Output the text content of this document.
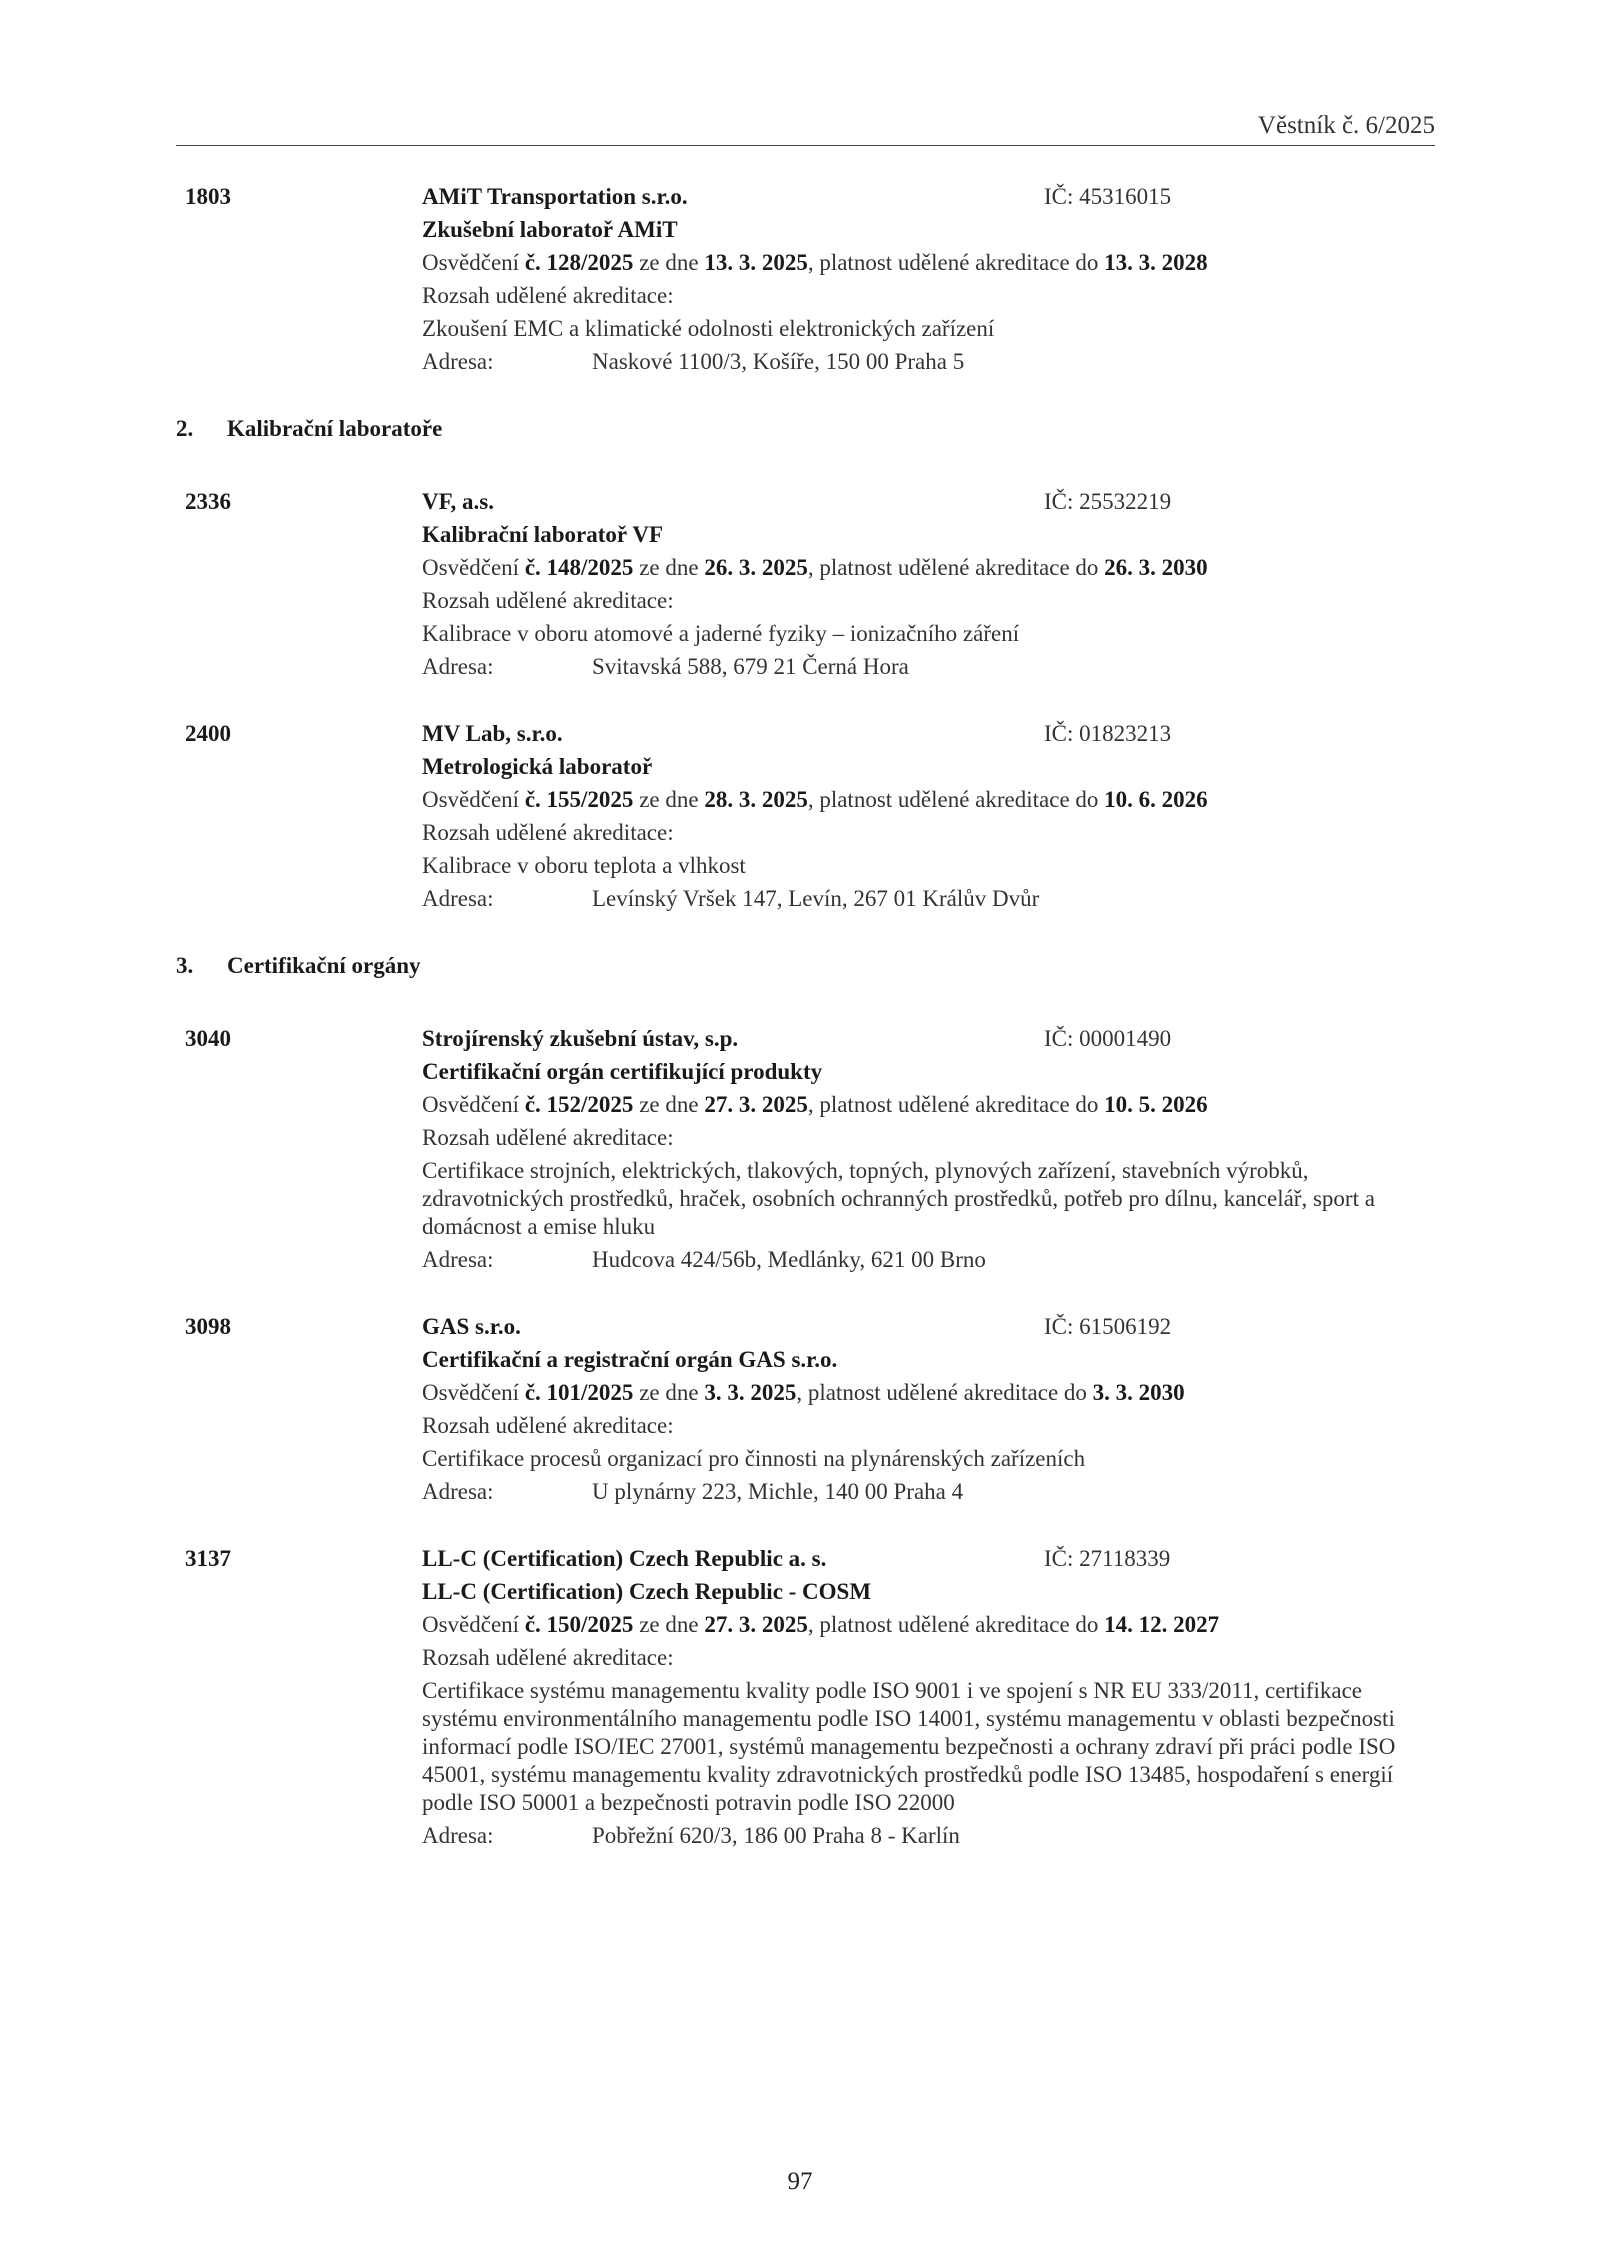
Věstník č. 6/2025
1803	AMiT Transportation s.r.o.	IČ: 45316015
Zkušební laboratoř AMiT
Osvědčení č. 128/2025 ze dne 13. 3. 2025, platnost udělené akreditace do 13. 3. 2028
Rozsah udělené akreditace:
Zkoušení EMC a klimatické odolnosti elektronických zařízení
Adresa:	Naskové 1100/3, Košíře, 150 00 Praha 5
2. Kalibrační laboratoře
2336	VF, a.s.	IČ: 25532219
Kalibrační laboratoř VF
Osvědčení č. 148/2025 ze dne 26. 3. 2025, platnost udělené akreditace do 26. 3. 2030
Rozsah udělené akreditace:
Kalibrace v oboru atomové a jaderné fyziky – ionizačního záření
Adresa:	Svitavská 588, 679 21 Černá Hora
2400	MV Lab, s.r.o.	IČ: 01823213
Metrologická laboratoř
Osvědčení č. 155/2025 ze dne 28. 3. 2025, platnost udělené akreditace do 10. 6. 2026
Rozsah udělené akreditace:
Kalibrace v oboru teplota a vlhkost
Adresa:	Levínský Vršek 147, Levín, 267 01 Králův Dvůr
3. Certifikační orgány
3040	Strojírenský zkušební ústav, s.p.	IČ: 00001490
Certifikační orgán certifikující produkty
Osvědčení č. 152/2025 ze dne 27. 3. 2025, platnost udělené akreditace do 10. 5. 2026
Rozsah udělené akreditace:
Certifikace strojních, elektrických, tlakových, topných, plynových zařízení, stavebních výrobků, zdravotnických prostředků, hraček, osobních ochranných prostředků, potřeb pro dílnu, kancelář, sport a domácnost a emise hluku
Adresa:	Hudcova 424/56b, Medlánky, 621 00 Brno
3098	GAS s.r.o.	IČ: 61506192
Certifikační a registrační orgán GAS s.r.o.
Osvědčení č. 101/2025 ze dne 3. 3. 2025, platnost udělené akreditace do 3. 3. 2030
Rozsah udělené akreditace:
Certifikace procesů organizací pro činnosti na plynárenských zařízeních
Adresa:	U plynárny 223, Michle, 140 00 Praha 4
3137	LL-C (Certification) Czech Republic a. s.	IČ: 27118339
LL-C (Certification) Czech Republic - COSM
Osvědčení č. 150/2025 ze dne 27. 3. 2025, platnost udělené akreditace do 14. 12. 2027
Rozsah udělené akreditace:
Certifikace systému managementu kvality podle ISO 9001 i ve spojení s NR EU 333/2011, certifikace systému environmentálního managementu podle ISO 14001, systému managementu v oblasti bezpečnosti informací podle ISO/IEC 27001, systémů managementu bezpečnosti a ochrany zdraví při práci podle ISO 45001, systému managementu kvality zdravotnických prostředků podle ISO 13485, hospodaření s energií podle ISO 50001 a bezpečnosti potravin podle ISO 22000
Adresa:	Pobřežní 620/3, 186 00 Praha 8 - Karlín
97
